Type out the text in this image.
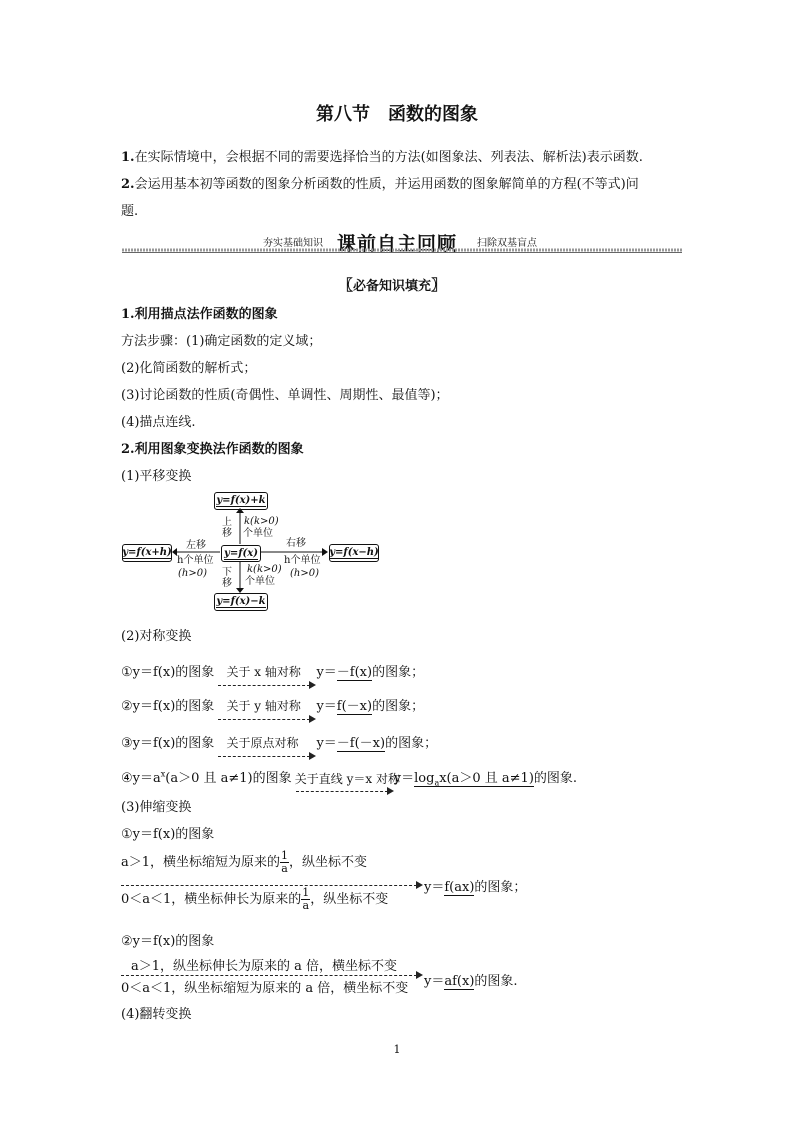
第八节　函数的图象
1.在实际情境中，会根据不同的需要选择恰当的方法(如图象法、列表法、解析法)表示函数.
2.会运用基本初等函数的图象分析函数的性质，并运用函数的图象解简单的方程(不等式)问
题.
夯实基础知识 课前自主回顾 扫除双基盲点
〖必备知识填充〗
1.利用描点法作函数的图象
方法步骤：(1)确定函数的定义域；
(2)化简函数的解析式；
(3)讨论函数的性质(奇偶性、单调性、周期性、最值等)；
(4)描点连线.
2.利用图象变换法作函数的图象
(1)平移变换
y=f(x)+k
y=f(x)
y=f(x)−k
y=f(x+h)	y=f(x−h)
上
移
k(k>0)
个单位
下
移
k(k>0)
个单位
左移
h个单位
(h>0)
右移
h个单位
(h>0)
(2)对称变换
①y＝f(x)的图象 关于 x 轴对称 y＝－f(x)的图象；
②y＝f(x)的图象 关于 y 轴对称 y＝f(－x)的图象；
③y＝f(x)的图象 关于原点对称 y＝－f(－x)的图象；
$④y=a^x(a>0$ 且 a≠1)的图象 关于直线 y＝x 对称
$y=\log_ax(a>0$ 且 a≠1)的图象.
(3)伸缩变换
①y＝f(x)的图象
a＞1，横坐标缩短为原来的 $\frac{1}{a}$ ，纵坐标不变
0＜a＜1，横坐标伸长为原来的 $\frac{1}{a}$ ，纵坐标不变
y＝f(ax)的图象；
②y＝f(x)的图象
a＞1，纵坐标伸长为原来的 a 倍，横坐标不变
0＜a＜1，纵坐标缩短为原来的 a 倍，横坐标不变 y＝af(x)的图象.
(4)翻转变换
1
